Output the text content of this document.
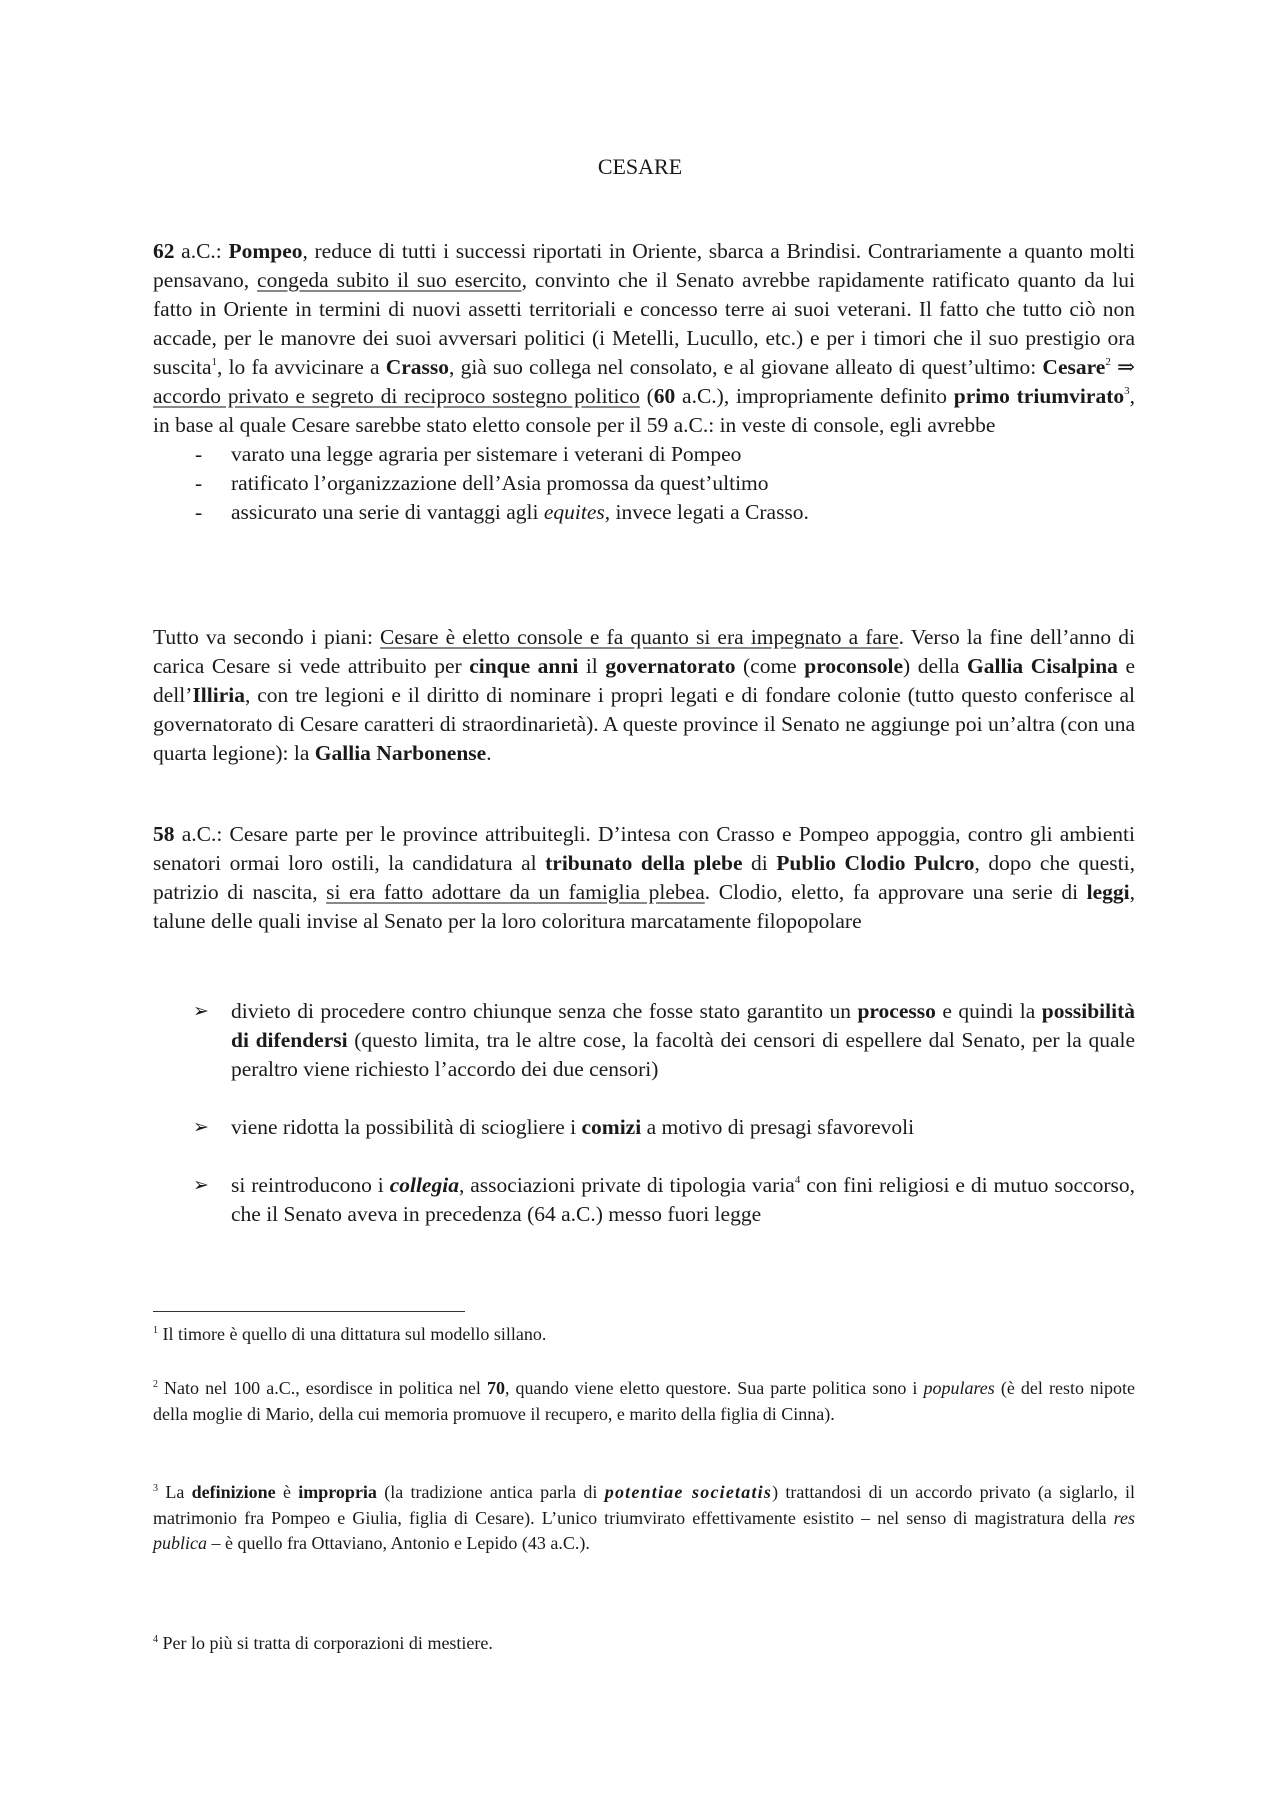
CESARE

62 a.C.: Pompeo, reduce di tutti i successi riportati in Oriente, sbarca a Brindisi. Contrariamente a quanto molti pensavano, congeda subito il suo esercito, convinto che il Senato avrebbe rapidamente ratificato quanto da lui fatto in Oriente in termini di nuovi assetti territoriali e concesso terre ai suoi veterani. Il fatto che tutto ciò non accade, per le manovre dei suoi avversari politici (i Metelli, Lucullo, etc.) e per i timori che il suo prestigio ora suscita$^1$, lo fa avvicinare a Crasso, già suo collega nel consolato, e al giovane alleato di quest’ultimo: Cesare$^2$ ⇒ accordo privato e segreto di reciproco sostegno politico (60 a.C.), impropriamente definito primo triumvirato$^3$, in base al quale Cesare sarebbe stato eletto console per il 59 a.C.: in veste di console, egli avrebbe

- varato una legge agraria per sistemare i veterani di Pompeo
- ratificato l’organizzazione dell’Asia promossa da quest’ultimo
- assicurato una serie di vantaggi agli equites, invece legati a Crasso.

Tutto va secondo i piani: Cesare è eletto console e fa quanto si era impegnato a fare. Verso la fine dell’anno di carica Cesare si vede attribuito per cinque anni il governatorato (come proconsole) della Gallia Cisalpina e dell’Illiria, con tre legioni e il diritto di nominare i propri legati e di fondare colonie (tutto questo conferisce al governatorato di Cesare caratteri di straordinarietà). A queste province il Senato ne aggiunge poi un’altra (con una quarta legione): la Gallia Narbonense.

58 a.C.: Cesare parte per le province attribuitegli. D’intesa con Crasso e Pompeo appoggia, contro gli ambienti senatori ormai loro ostili, la candidatura al tribunato della plebe di Publio Clodio Pulcro, dopo che questi, patrizio di nascita, si era fatto adottare da un famiglia plebea. Clodio, eletto, fa approvare una serie di leggi, talune delle quali invise al Senato per la loro coloritura marcatamente filopopolare

➢ divieto di procedere contro chiunque senza che fosse stato garantito un processo e quindi la possibilità di difendersi (questo limita, tra le altre cose, la facoltà dei censori di espellere dal Senato, per la quale peraltro viene richiesto l’accordo dei due censori)
➢ viene ridotta la possibilità di sciogliere i comizi a motivo di presagi sfavorevoli
➢ si reintroducono i collegia, associazioni private di tipologia varia$^4$ con fini religiosi e di mutuo soccorso, che il Senato aveva in precedenza (64 a.C.) messo fuori legge

$^1$ Il timore è quello di una dittatura sul modello sillano.

$^2$ Nato nel 100 a.C., esordisce in politica nel 70, quando viene eletto questore. Sua parte politica sono i populares (è del resto nipote della moglie di Mario, della cui memoria promuove il recupero, e marito della figlia di Cinna).

$^3$ La definizione è impropria (la tradizione antica parla di potentiae societatis) trattandosi di un accordo privato (a siglarlo, il matrimonio fra Pompeo e Giulia, figlia di Cesare). L’unico triumvirato effettivamente esistito – nel senso di magistratura della res publica – è quello fra Ottaviano, Antonio e Lepido (43 a.C.).

$^4$ Per lo più si tratta di corporazioni di mestiere.
